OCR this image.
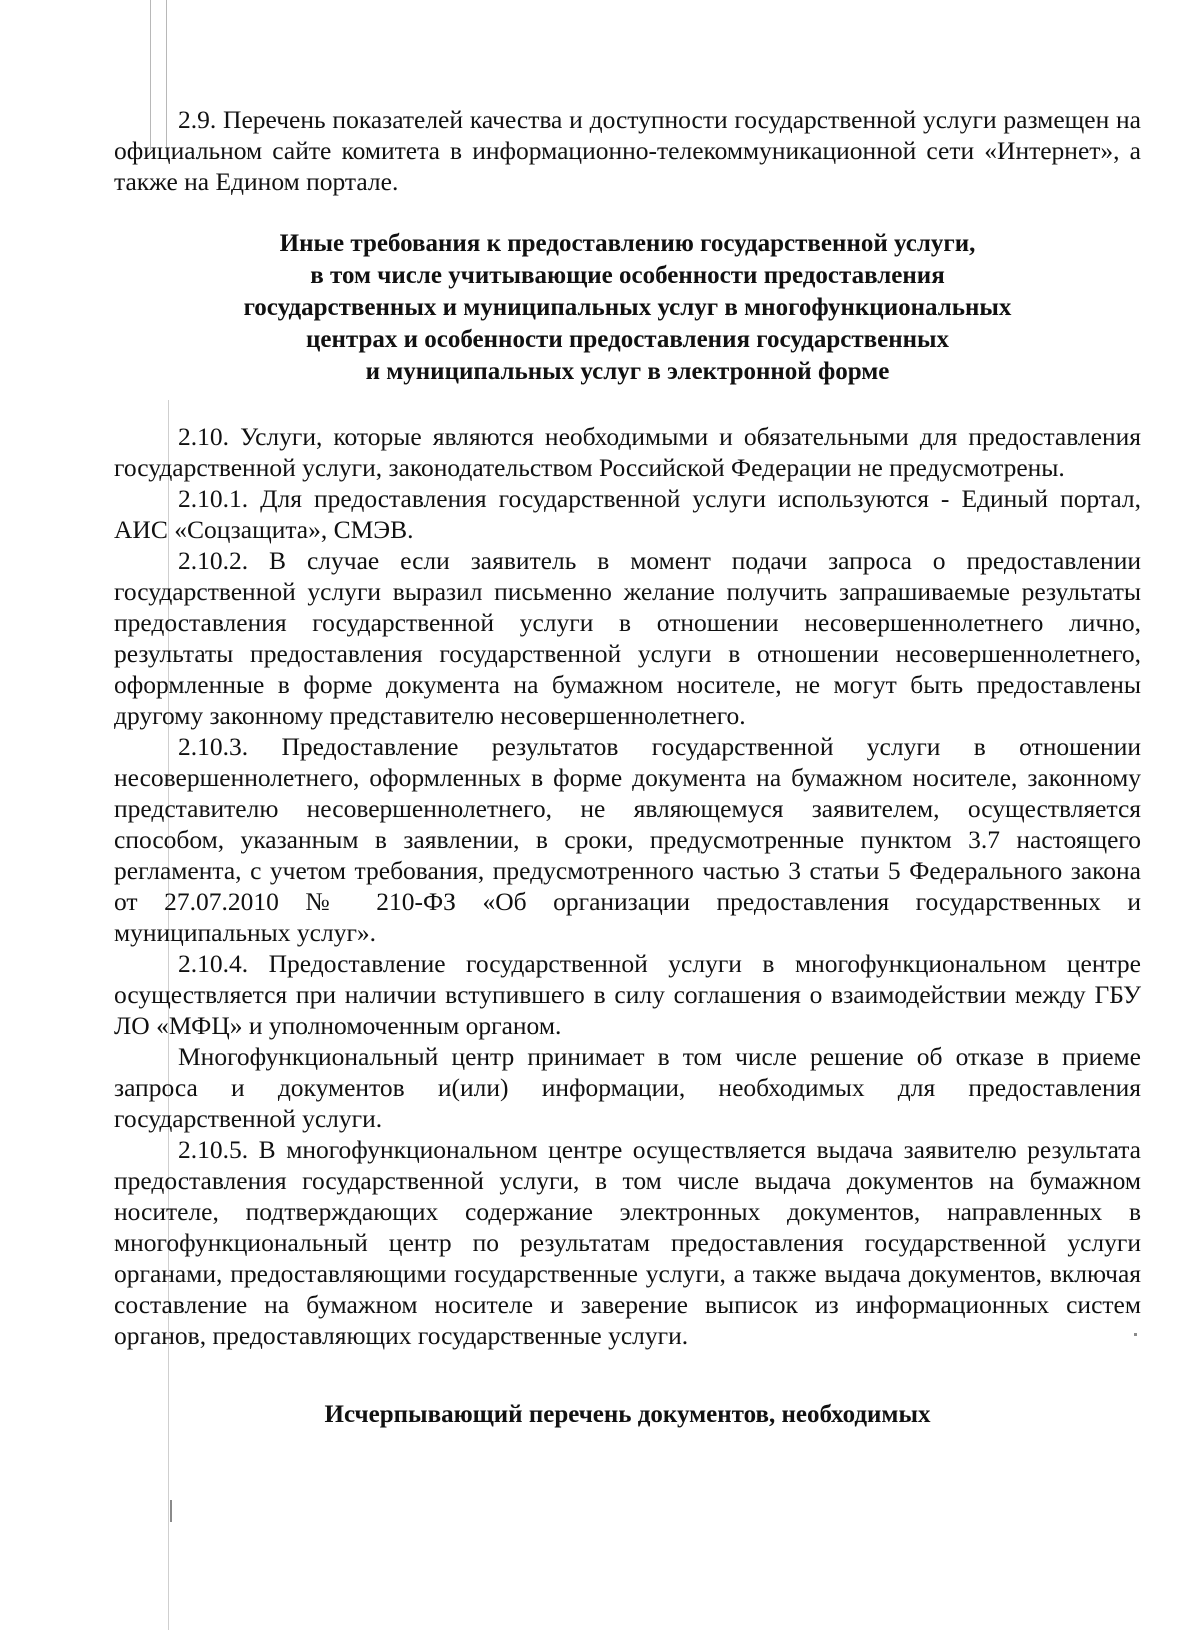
2.9. Перечень показателей качества и доступности государственной услуги размещен на официальном сайте комитета в информационно-телекоммуникационной сети «Интернет», а также на Едином портале.

Иные требования к предоставлению государственной услуги,
в том числе учитывающие особенности предоставления
государственных и муниципальных услуг в многофункциональных
центрах и особенности предоставления государственных
и муниципальных услуг в электронной форме

2.10. Услуги, которые являются необходимыми и обязательными для предоставления государственной услуги, законодательством Российской Федерации не предусмотрены.

2.10.1. Для предоставления государственной услуги используются - Единый портал, АИС «Соцзащита», СМЭВ.

2.10.2. В случае если заявитель в момент подачи запроса о предоставлении государственной услуги выразил письменно желание получить запрашиваемые результаты предоставления государственной услуги в отношении несовершеннолетнего лично, результаты предоставления государственной услуги в отношении несовершеннолетнего, оформленные в форме документа на бумажном носителе, не могут быть предоставлены другому законному представителю несовершеннолетнего.

2.10.3. Предоставление результатов государственной услуги в отношении несовершеннолетнего, оформленных в форме документа на бумажном носителе, законному представителю несовершеннолетнего, не являющемуся заявителем, осуществляется способом, указанным в заявлении, в сроки, предусмотренные пунктом 3.7 настоящего регламента, с учетом требования, предусмотренного частью 3 статьи 5 Федерального закона от 27.07.2010 № 210-ФЗ «Об организации предоставления государственных и муниципальных услуг».

2.10.4. Предоставление государственной услуги в многофункциональном центре осуществляется при наличии вступившего в силу соглашения о взаимодействии между ГБУ ЛО «МФЦ» и уполномоченным органом.

Многофункциональный центр принимает в том числе решение об отказе в приеме запроса и документов и(или) информации, необходимых для предоставления государственной услуги.

2.10.5. В многофункциональном центре осуществляется выдача заявителю результата предоставления государственной услуги, в том числе выдача документов на бумажном носителе, подтверждающих содержание электронных документов, направленных в многофункциональный центр по результатам предоставления государственной услуги органами, предоставляющими государственные услуги, а также выдача документов, включая составление на бумажном носителе и заверение выписок из информационных систем органов, предоставляющих государственные услуги.

Исчерпывающий перечень документов, необходимых
